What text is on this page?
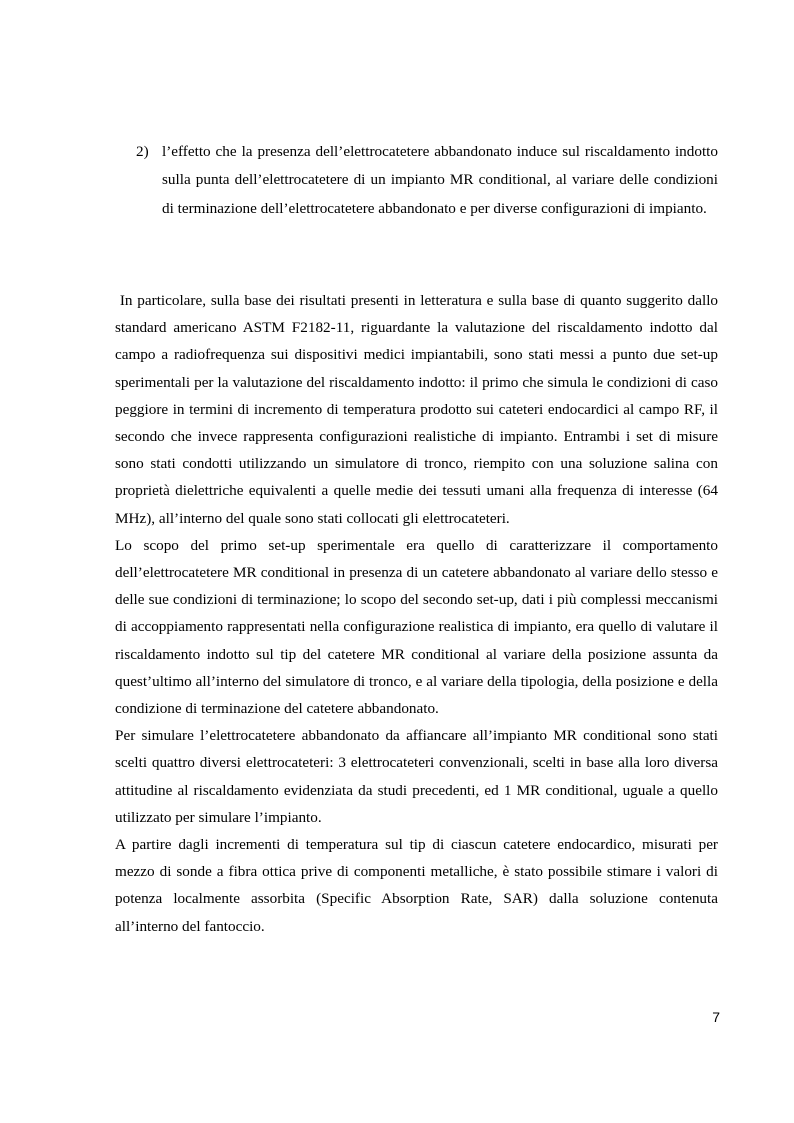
2) l’effetto che la presenza dell’elettrocatetere abbandonato induce sul riscaldamento indotto sulla punta dell’elettrocatetere di un impianto MR conditional, al variare delle condizioni di terminazione dell’elettrocatetere abbandonato e per diverse configurazioni di impianto.

In particolare, sulla base dei risultati presenti in letteratura e sulla base di quanto suggerito dallo standard americano ASTM F2182-11, riguardante la valutazione del riscaldamento indotto dal campo a radiofrequenza sui dispositivi medici impiantabili, sono stati messi a punto due set-up sperimentali per la valutazione del riscaldamento indotto: il primo che simula le condizioni di caso peggiore in termini di incremento di temperatura prodotto sui cateteri endocardici al campo RF, il secondo che invece rappresenta configurazioni realistiche di impianto. Entrambi i set di misure sono stati condotti utilizzando un simulatore di tronco, riempito con una soluzione salina con proprietà dielettriche equivalenti a quelle medie dei tessuti umani alla frequenza di interesse (64 MHz), all’interno del quale sono stati collocati gli elettrocateteri.

Lo scopo del primo set-up sperimentale era quello di caratterizzare il comportamento dell’elettrocatetere MR conditional in presenza di un catetere abbandonato al variare dello stesso e delle sue condizioni di terminazione; lo scopo del secondo set-up, dati i più complessi meccanismi di accoppiamento rappresentati nella configurazione realistica di impianto, era quello di valutare il riscaldamento indotto sul tip del catetere MR conditional al variare della posizione assunta da quest’ultimo all’interno del simulatore di tronco, e al variare della tipologia, della posizione e della condizione di terminazione del catetere abbandonato.

Per simulare l’elettrocatetere abbandonato da affiancare all’impianto MR conditional sono stati scelti quattro diversi elettrocateteri: 3 elettrocateteri convenzionali, scelti in base alla loro diversa attitudine al riscaldamento evidenziata da studi precedenti, ed 1 MR conditional, uguale a quello utilizzato per simulare l’impianto.

A partire dagli incrementi di temperatura sul tip di ciascun catetere endocardico, misurati per mezzo di sonde a fibra ottica prive di componenti metalliche, è stato possibile stimare i valori di potenza localmente assorbita (Specific Absorption Rate, SAR) dalla soluzione contenuta all’interno del fantoccio.

7
